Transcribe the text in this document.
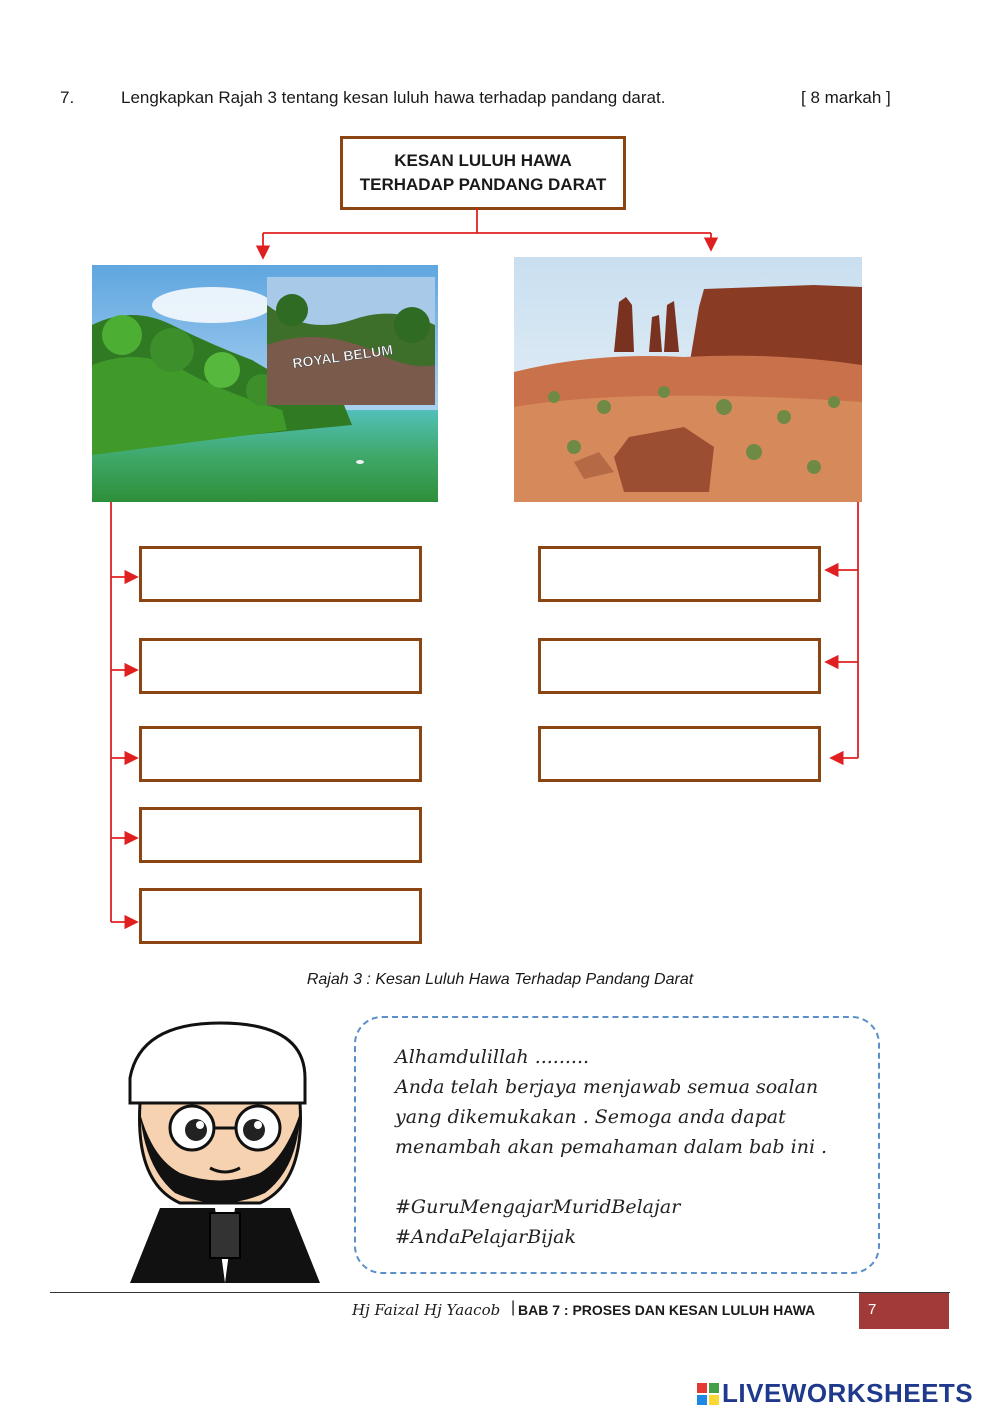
7.	Lengkapkan Rajah 3 tentang kesan luluh hawa terhadap pandang darat.	[ 8 markah ]
KESAN LULUH HAWA
TERHADAP PANDANG DARAT
ROYAL BELUM
Rajah 3 : Kesan Luluh Hawa Terhadap Pandang Darat
Alhamdulillah .........
Anda telah berjaya menjawab semua soalan
yang dikemukakan . Semoga anda dapat
menambah akan pemahaman dalam bab ini .
#GuruMengajarMuridBelajar
#AndaPelajarBijak
Hj Faizal Hj Yaacob | BAB 7 : PROSES DAN KESAN LULUH HAWA	7
LIVEWORKSHEETS
